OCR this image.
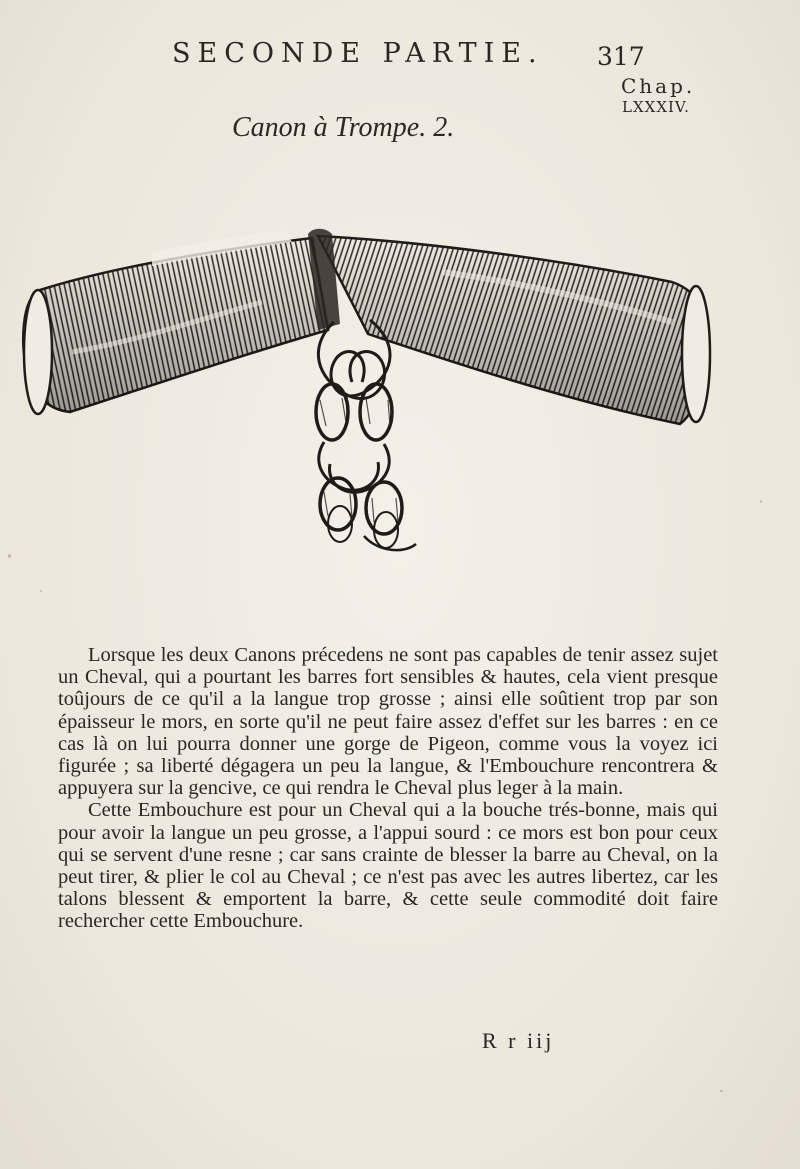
SECONDE PARTIE. 317
Chap.
LXXXIV.
Canon à Trompe. 2.

Lorsque les deux Canons précedens ne sont pas capables de tenir assez sujet un Cheval, qui a pourtant les barres fort sensibles & hautes, cela vient presque toûjours de ce qu'il a la langue trop grosse ; ainsi elle soûtient trop par son épaisseur le mors, en sorte qu'il ne peut faire assez d'effet sur les barres : en ce cas là on lui pourra donner une gorge de Pigeon, comme vous la voyez ici figurée ; sa liberté dégagera un peu la langue, & l'Embouchure rencontrera & appuyera sur la gencive, ce qui rendra le Cheval plus leger à la main.

Cette Embouchure est pour un Cheval qui a la bouche trés-bonne, mais qui pour avoir la langue un peu grosse, a l'appui sourd : ce mors est bon pour ceux qui se servent d'une resne ; car sans crainte de blesser la barre au Cheval, on la peut tirer, & plier le col au Cheval ; ce n'est pas avec les autres libertez, car les talons blessent & emportent la barre, & cette seule commodité doit faire rechercher cette Embouchure.

R r iij
